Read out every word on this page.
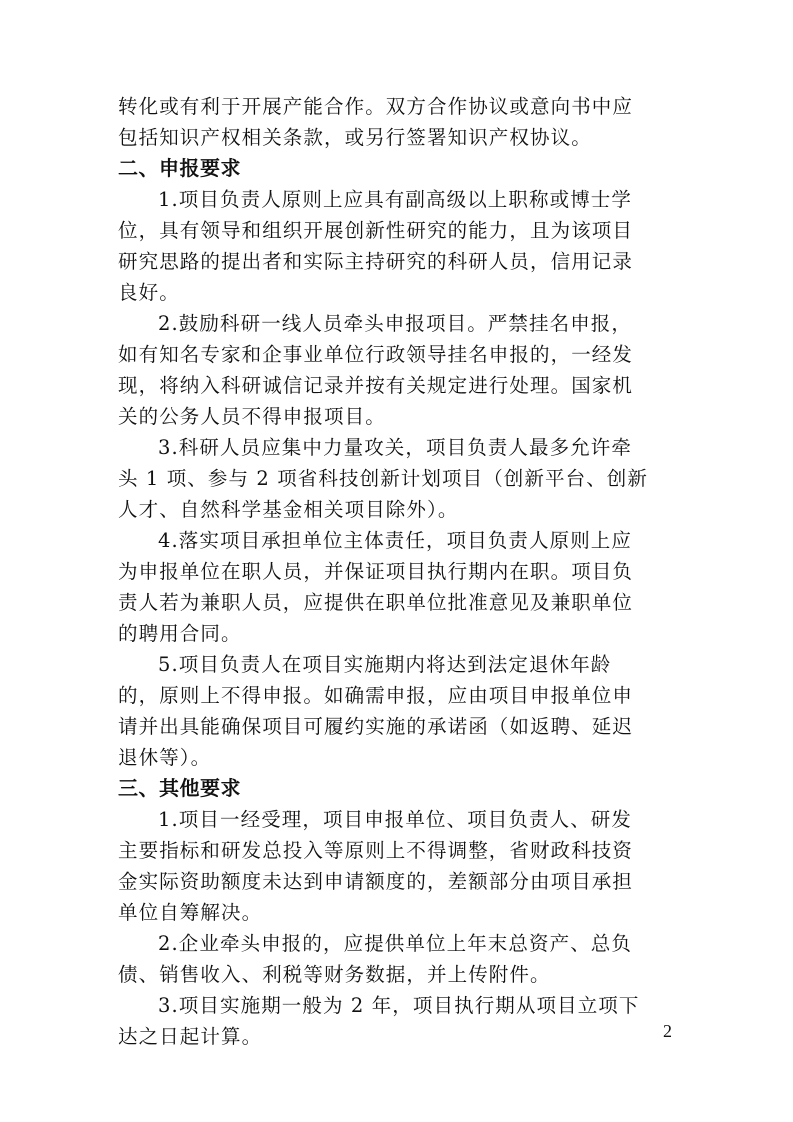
转化或有利于开展产能合作。双方合作协议或意向书中应

包括知识产权相关条款，或另行签署知识产权协议。

二、申报要求

1.项目负责人原则上应具有副高级以上职称或博士学

位，具有领导和组织开展创新性研究的能力，且为该项目

研究思路的提出者和实际主持研究的科研人员，信用记录

良好。

2.鼓励科研一线人员牵头申报项目。严禁挂名申报，

如有知名专家和企事业单位行政领导挂名申报的，一经发

现，将纳入科研诚信记录并按有关规定进行处理。国家机

关的公务人员不得申报项目。

3.科研人员应集中力量攻关，项目负责人最多允许牵

头 1 项、参与 2 项省科技创新计划项目（创新平台、创新

人才、自然科学基金相关项目除外）。

4.落实项目承担单位主体责任，项目负责人原则上应

为申报单位在职人员，并保证项目执行期内在职。项目负

责人若为兼职人员，应提供在职单位批准意见及兼职单位

的聘用合同。

5.项目负责人在项目实施期内将达到法定退休年龄

的，原则上不得申报。如确需申报，应由项目申报单位申

请并出具能确保项目可履约实施的承诺函（如返聘、延迟

退休等）。

三、其他要求

1.项目一经受理，项目申报单位、项目负责人、研发

主要指标和研发总投入等原则上不得调整，省财政科技资

金实际资助额度未达到申请额度的，差额部分由项目承担

单位自筹解决。

2.企业牵头申报的，应提供单位上年末总资产、总负

债、销售收入、利税等财务数据，并上传附件。

3.项目实施期一般为 2 年，项目执行期从项目立项下

达之日起计算。	2
